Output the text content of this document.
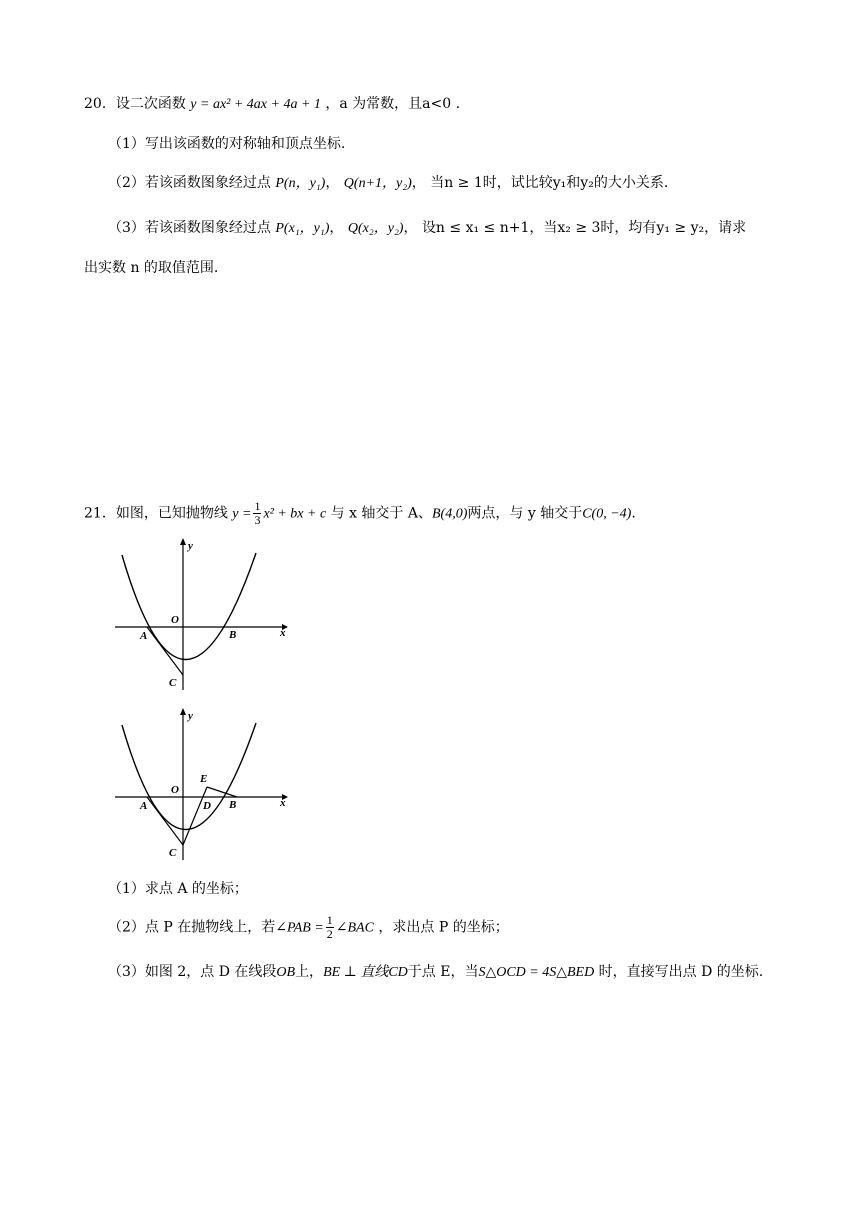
20．设二次函数 y = ax² + 4ax + 4a + 1 ，a 为常数，且a<0 .
（1）写出该函数的对称轴和顶点坐标.
（2）若该函数图象经过点 P(n，y₁)， Q(n+1，y₂)， 当n ≥ 1时，试比较y₁和y₂的大小关系.
（3）若该函数图象经过点 P(x₁，y₁)， Q(x₂，y₂)， 设n ≤ x₁ ≤ n+1，当x₂ ≥ 3时，均有y₁ ≥ y₂，请求
出实数 n 的取值范围.
21．如图，已知抛物线 $y = \frac{1}{3} x^2$ + bx + c 与 x 轴交于 A、B(4,0)两点，与 y 轴交于C(0, −4).
y
x
O
A	B
C
y
x
O
A
E
D B
C
（1）求点 A 的坐标；
（2）点 P 在抛物线上，若∠PAB = $\frac{1}{2}$ ∠BAC ，求出点 P 的坐标；
（3）如图 2，点 D 在线段OB上，BE ⊥ 直线CD于点 E，当S△OCD = 4S△BED 时，直接写出点 D 的坐标.
